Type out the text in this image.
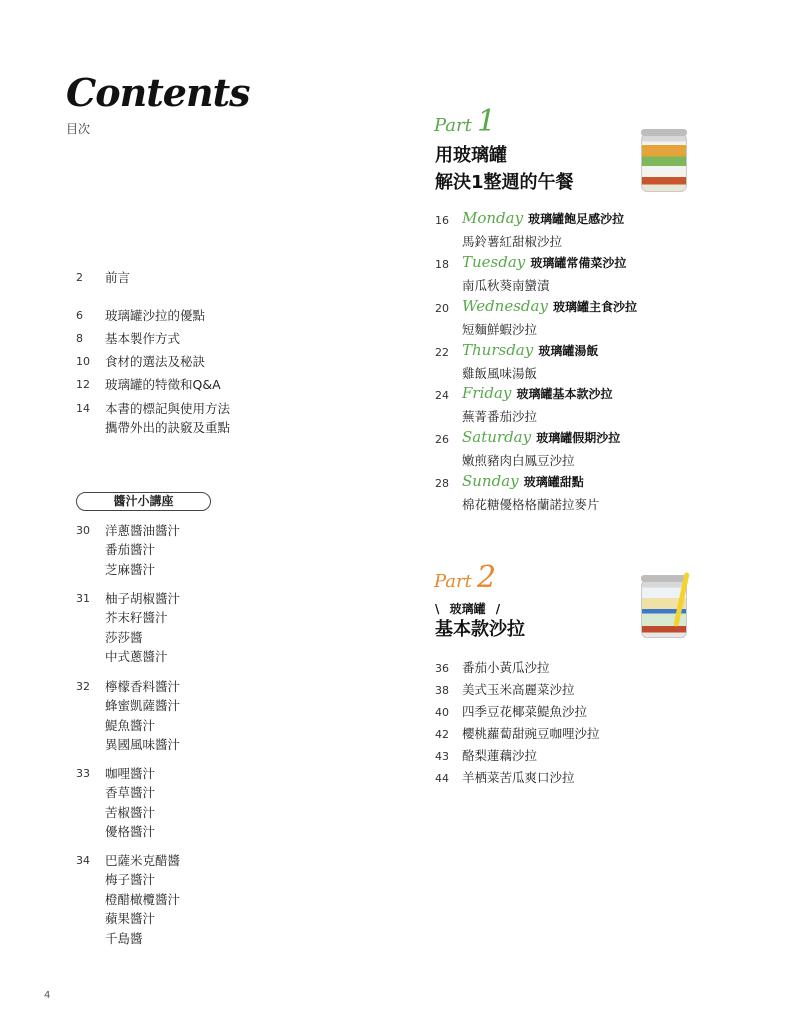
Contents
目次
2 前言
6 玻璃罐沙拉的優點
8 基本製作方式
10 食材的選法及秘訣
12 玻璃罐的特徵和Q&A
14 本書的標記與使用方法
攜帶外出的訣竅及重點
醬汁小講座
30 洋蔥醬油醬汁
番茄醬汁
芝麻醬汁
31 柚子胡椒醬汁
芥末籽醬汁
莎莎醬
中式蔥醬汁
32 檸檬香料醬汁
蜂蜜凱薩醬汁
鯷魚醬汁
異國風味醬汁
33 咖哩醬汁
香草醬汁
苦椒醬汁
優格醬汁
34 巴薩米克醋醬
梅子醬汁
橙醋橄欖醬汁
蘋果醬汁
千島醬
Part 1
用玻璃罐
解決1整週的午餐
16 Monday 玻璃罐飽足感沙拉
馬鈴薯紅甜椒沙拉
18 Tuesday 玻璃罐常備菜沙拉
南瓜秋葵南蠻漬
20 Wednesday 玻璃罐主食沙拉
短麵鮮蝦沙拉
22 Thursday 玻璃罐湯飯
雞飯風味湯飯
24 Friday 玻璃罐基本款沙拉
蕪菁番茄沙拉
26 Saturday 玻璃罐假期沙拉
嫩煎豬肉白鳳豆沙拉
28 Sunday 玻璃罐甜點
棉花糖優格格蘭諾拉麥片
Part 2
\ 玻璃罐 /
基本款沙拉
36 番茄小黃瓜沙拉
38 美式玉米高麗菜沙拉
40 四季豆花椰菜鯷魚沙拉
42 櫻桃蘿蔔甜豌豆咖哩沙拉
43 酪梨蓮藕沙拉
44 羊栖菜苦瓜爽口沙拉
4
